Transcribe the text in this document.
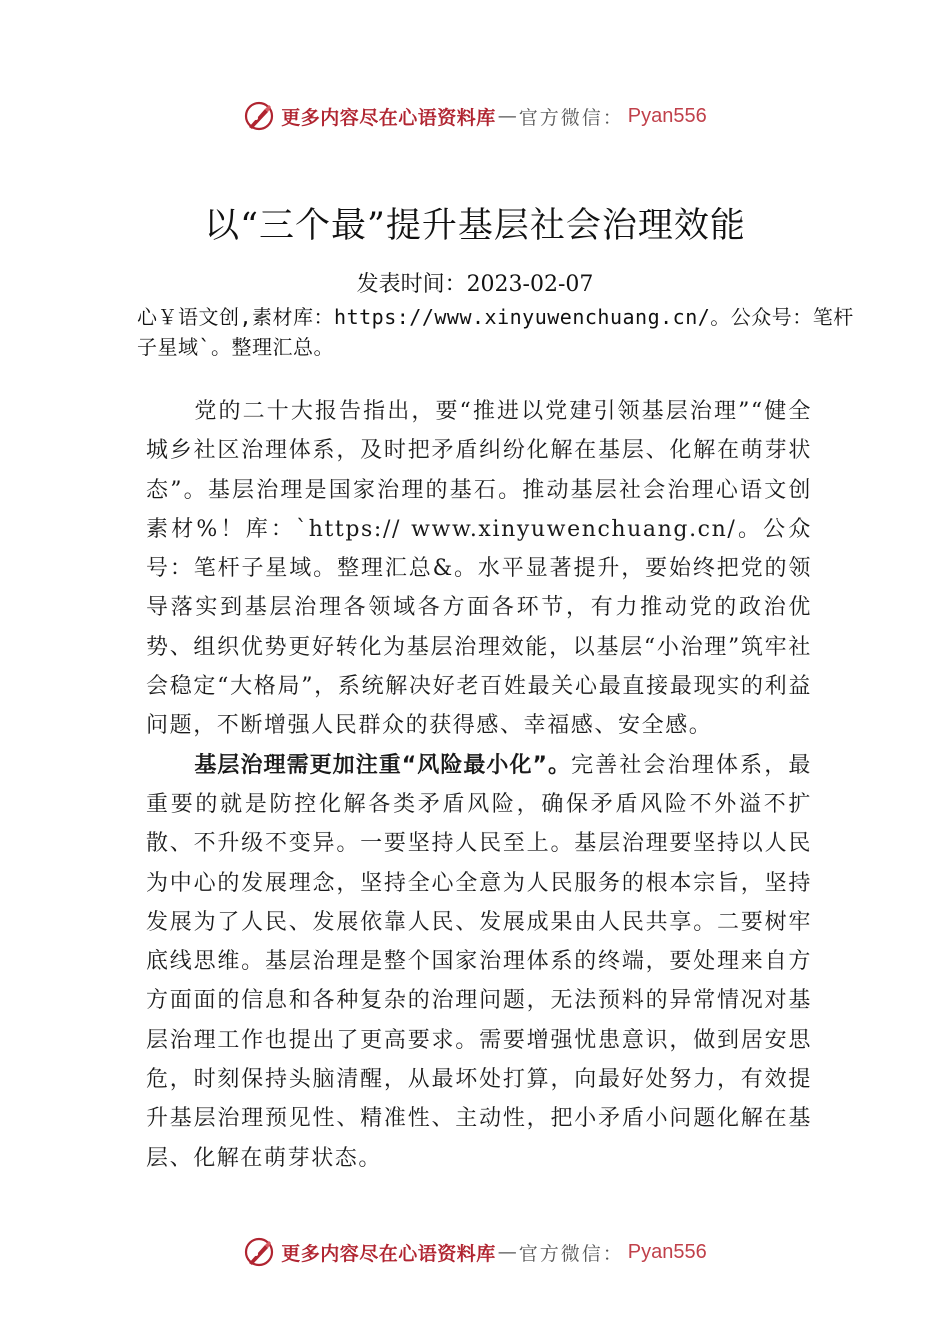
更多内容尽在心语资料库 — 官方微信： Pyan556
以“三个最”提升基层社会治理效能
发表时间：2023-02-07
心￥语文创,素材库：https://www.xinyuwenchuang.cn/。公众号：笔杆子星域`。整理汇总。

党的二十大报告指出，要“推进以党建引领基层治理”“健全城乡社区治理体系，及时把矛盾纠纷化解在基层、化解在萌芽状态”。基层治理是国家治理的基石。推动基层社会治理心语文创素材%！库：`https:// www.xinyuwenchuang.cn/。公众号：笔杆子星域。整理汇总&。水平显著提升，要始终把党的领导落实到基层治理各领域各方面各环节，有力推动党的政治优势、组织优势更好转化为基层治理效能，以基层“小治理”筑牢社会稳定“大格局”，系统解决好老百姓最关心最直接最现实的利益问题，不断增强人民群众的获得感、幸福感、安全感。

基层治理需更加注重“风险最小化”。完善社会治理体系，最重要的就是防控化解各类矛盾风险，确保矛盾风险不外溢不扩散、不升级不变异。一要坚持人民至上。基层治理要坚持以人民为中心的发展理念，坚持全心全意为人民服务的根本宗旨，坚持发展为了人民、发展依靠人民、发展成果由人民共享。二要树牢底线思维。基层治理是整个国家治理体系的终端，要处理来自方方面面的信息和各种复杂的治理问题，无法预料的异常情况对基层治理工作也提出了更高要求。需要增强忧患意识，做到居安思危，时刻保持头脑清醒，从最坏处打算，向最好处努力，有效提升基层治理预见性、精准性、主动性，把小矛盾小问题化解在基层、化解在萌芽状态。

更多内容尽在心语资料库 — 官方微信： Pyan556
